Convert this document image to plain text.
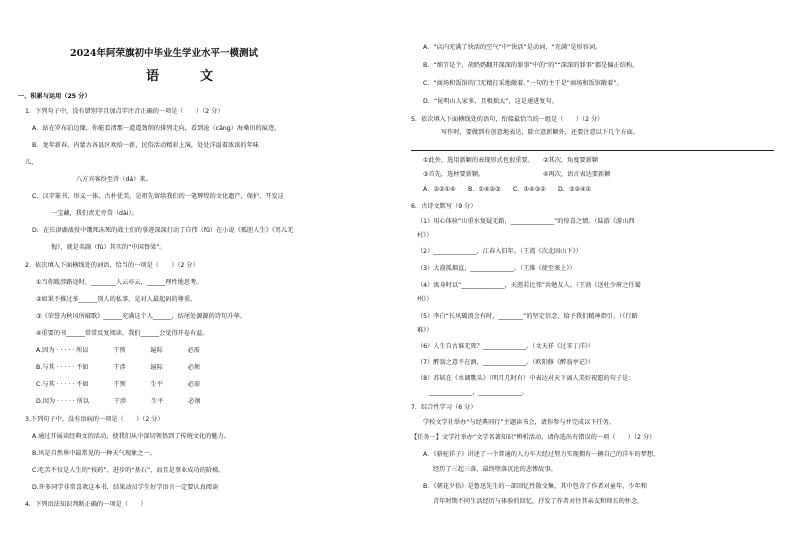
2024年阿荣旗初中毕业生学业水平一模测试
语　文
一、积累与运用（25 分）
1．下列句子中，没有错别字且加点字注音正确的一项是（　　）（2 分）
A．站在罗布泊边缘，你能看清那一道道劲削的排列走向，看到沧（cāng）海桑田的痕迹。
B．龙年新春，内蒙古各县区欢拾一新，民俗活动精彩上演，处处洋溢着浓浓的年味
儿，
八方宾客纷至沓（dá）来。
C．汉字篆书，形义一体，古朴优美，是祖先留给我们的一笔辉煌的文化遗产，保护、开发这
一宝藏，我们责无旁贷（dài）。
D．在长津湖战役中饿死冻死的战士们的事迹深深打动了自伟（fǔ）在小说《孤胆人生》《男儿无
悔》，就是名副（fù）其实的“中国脊梁”。
2．依次填入下面横线处的词语，恰当的一项是（　　）（2 分）
①当你跋涉路途时，________人云亦云，______理性地思考。
②如果不推过多______别人的私事，是对人最起码的尊重。
③《荣誉为秋风所破歌》______充满这个人______，结尾处源源的诗句升华。
④重要的书______常常反复阅读，我们______会觉得开卷有益。
A.因为 · · · · · 所以　　　　干预　　　　遍际　　　　必需
B.与其 · · · · · 不如　　　　干涉　　　　遍际　　　　必须
C.与其 · · · · · 不如　　　　干预　　　　生平　　　　必需
D.因为 · · · · · 所以　　　　干涉　　　　生平　　　　必须
3.下列句子中，没有语病的一项是（　　）（2 分）
A.通过开展读经典文的活动，使我们从中深切领悟到了传统文化的魅力。
B.风是自然界中最常见的一种天气现象之一。
C.吃苦不仅是人生的“枝药”、进步的“基石”，而且是事业成功的阶梯。
D.许多同学非常喜欢这本书，结果动员学生好学语言一定要认真阅读
4．下列语法知识判断正确的一项是（　　）
A．“店内充满了快活的空气”中“快活”是动词，“充满”是形容词。
B．“细节是个，胡奶奶翻开深深的罪事”中的“的”“深深的罪事”都是偏正结构。
C．“商场和饭馆的门无精打采地敞着。”一句的主干是“商场和饭馆敞着”。
D．“昆明山人家多，且极拙大”，这是递进复句。
5．依次填入下面横线处的语句，衔接最恰当的一组是（　　）（2 分）
写作时，要做到有创意地表达，除立意新颖外，还要注意以下几个方面。
①此外，选用新颖的表现形式也很重要。　　②其次，角度要新颖
③首先，选材要新颖。　　　　　　　　　　④再次，语言表达要新颖
A．③②①④　　B．①④②③　　C．①④③②　　D．③②④①
6．古诗文默写（9 分）
（1）用心体验“山重水复疑无路，______________”的惊喜之情。（陆游《游山西
村》）
（2）______________，江春入旧年。（王湾《次北固山下》）
（3）大漠孤烟直，______________。（王维《使至塞上》）
（4）寓身时以“______________，天涯若比邻”共勉友人。（王勃《送杜少府之任蜀
州》）
（5）李白“长风破浪会有时，________”的坚定信念，给予我们精神指引。（《行路
难》）
（6）人生自古谁无死？______________。（文天祥《过零丁洋》）
（7）醉翁之意不在酒，______________。（欧阳修《醉翁亭记》）
（8）苏轼在《水调歌头》（明月几时有）中表达对天下离人美好祝愿的句子是：
______________，______________。
7．综合性学习（6 分）
学校文学社举办“与经典同行”主题读书会，请你参与并完成以下任务。
【任务一】文学社举办“文学名著知识”辨析活动，请你选出有错误的一项（　　）（2 分）
A．《骆驼祥子》讲述了一个普通的人力车夫经过努力实现拥有一辆自己的洋车的梦想，
经历了三起三落，最终堕落沉沦的悲惨故事。
B．《朝花夕拾》是鲁迅先生的一部回忆性散文集，其中包含了作者对童年、少年和
青年时期不同生活经历与体验的回忆，抒发了作者对往昔亲友和师长的怀念。
